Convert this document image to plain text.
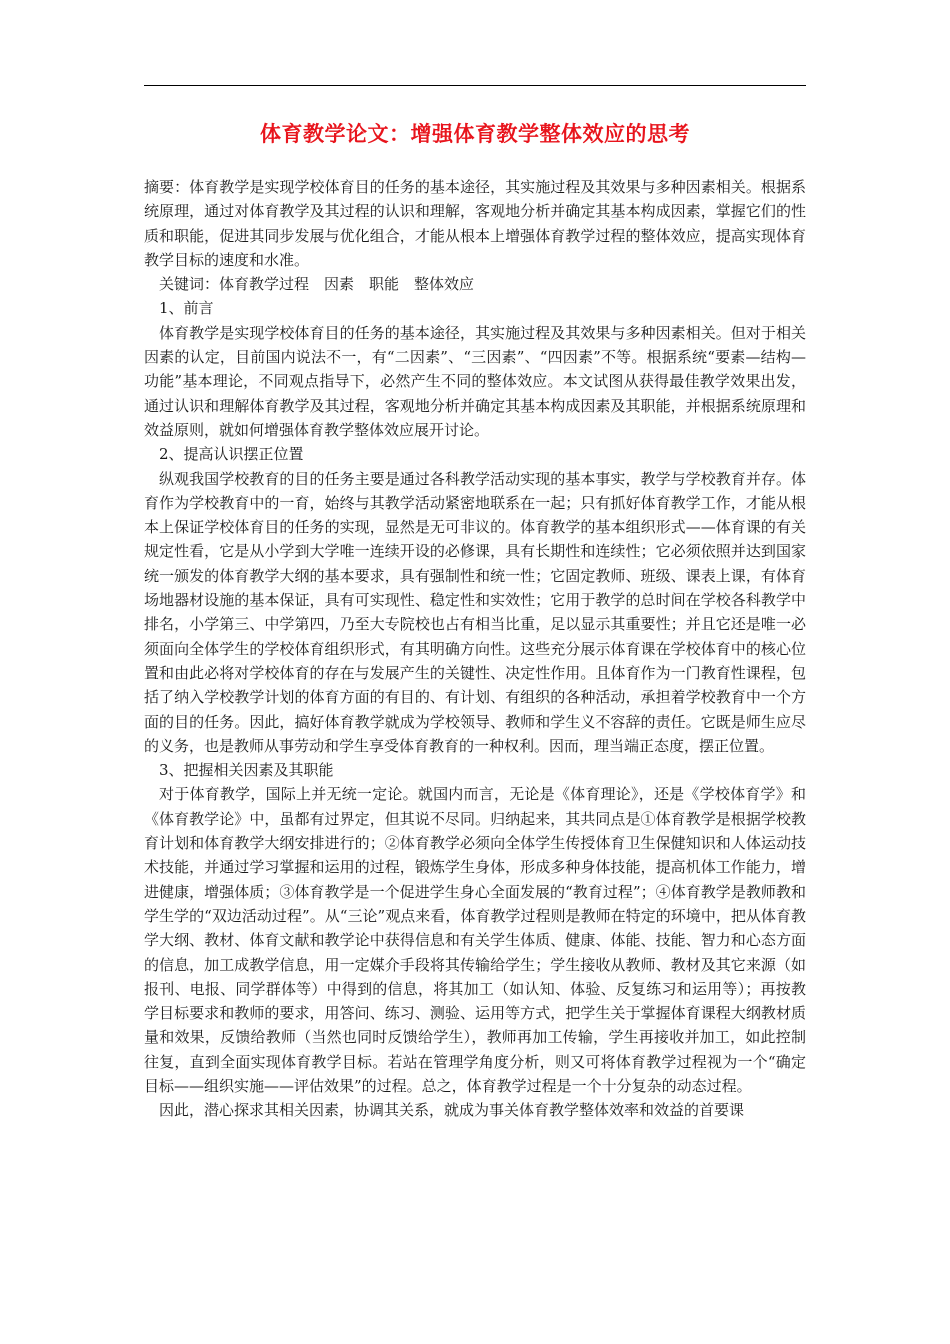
体育教学论文：增强体育教学整体效应的思考

摘要：体育教学是实现学校体育目的任务的基本途径，其实施过程及其效果与多种因素相关。根据系统原理，通过对体育教学及其过程的认识和理解，客观地分析并确定其基本构成因素，掌握它们的性质和职能，促进其同步发展与优化组合，才能从根本上增强体育教学过程的整体效应，提高实现体育教学目标的速度和水准。

关键词：体育教学过程　因素　职能　整体效应

1、前言

体育教学是实现学校体育目的任务的基本途径，其实施过程及其效果与多种因素相关。但对于相关因素的认定，目前国内说法不一，有“二因素”、“三因素”、“四因素”不等。根据系统“要素—结构—功能”基本理论，不同观点指导下，必然产生不同的整体效应。本文试图从获得最佳教学效果出发，通过认识和理解体育教学及其过程，客观地分析并确定其基本构成因素及其职能，并根据系统原理和效益原则，就如何增强体育教学整体效应展开讨论。

2、提高认识摆正位置

纵观我国学校教育的目的任务主要是通过各科教学活动实现的基本事实，教学与学校教育并存。体育作为学校教育中的一育，始终与其教学活动紧密地联系在一起；只有抓好体育教学工作，才能从根本上保证学校体育目的任务的实现，显然是无可非议的。体育教学的基本组织形式——体育课的有关规定性看，它是从小学到大学唯一连续开设的必修课，具有长期性和连续性；它必须依照并达到国家统一颁发的体育教学大纲的基本要求，具有强制性和统一性；它固定教师、班级、课表上课，有体育场地器材设施的基本保证，具有可实现性、稳定性和实效性；它用于教学的总时间在学校各科教学中排名，小学第三、中学第四，乃至大专院校也占有相当比重，足以显示其重要性；并且它还是唯一必须面向全体学生的学校体育组织形式，有其明确方向性。这些充分展示体育课在学校体育中的核心位置和由此必将对学校体育的存在与发展产生的关键性、决定性作用。且体育作为一门教育性课程，包括了纳入学校教学计划的体育方面的有目的、有计划、有组织的各种活动，承担着学校教育中一个方面的目的任务。因此，搞好体育教学就成为学校领导、教师和学生义不容辞的责任。它既是师生应尽的义务，也是教师从事劳动和学生享受体育教育的一种权利。因而，理当端正态度，摆正位置。

3、把握相关因素及其职能

对于体育教学，国际上并无统一定论。就国内而言，无论是《体育理论》，还是《学校体育学》和《体育教学论》中，虽都有过界定，但其说不尽同。归纳起来，其共同点是①体育教学是根据学校教育计划和体育教学大纲安排进行的；②体育教学必须向全体学生传授体育卫生保健知识和人体运动技术技能，并通过学习掌握和运用的过程，锻炼学生身体，形成多种身体技能，提高机体工作能力，增进健康，增强体质；③体育教学是一个促进学生身心全面发展的“教育过程”；④体育教学是教师教和学生学的“双边活动过程”。从“三论”观点来看，体育教学过程则是教师在特定的环境中，把从体育教学大纲、教材、体育文献和教学论中获得信息和有关学生体质、健康、体能、技能、智力和心态方面的信息，加工成教学信息，用一定媒介手段将其传输给学生；学生接收从教师、教材及其它来源（如报刊、电报、同学群体等）中得到的信息，将其加工（如认知、体验、反复练习和运用等）；再按教学目标要求和教师的要求，用答问、练习、测验、运用等方式，把学生关于掌握体育课程大纲教材质量和效果，反馈给教师（当然也同时反馈给学生），教师再加工传输，学生再接收并加工，如此控制往复，直到全面实现体育教学目标。若站在管理学角度分析，则又可将体育教学过程视为一个“确定目标——组织实施——评估效果”的过程。总之，体育教学过程是一个十分复杂的动态过程。

因此，潜心探求其相关因素，协调其关系，就成为事关体育教学整体效率和效益的首要课
